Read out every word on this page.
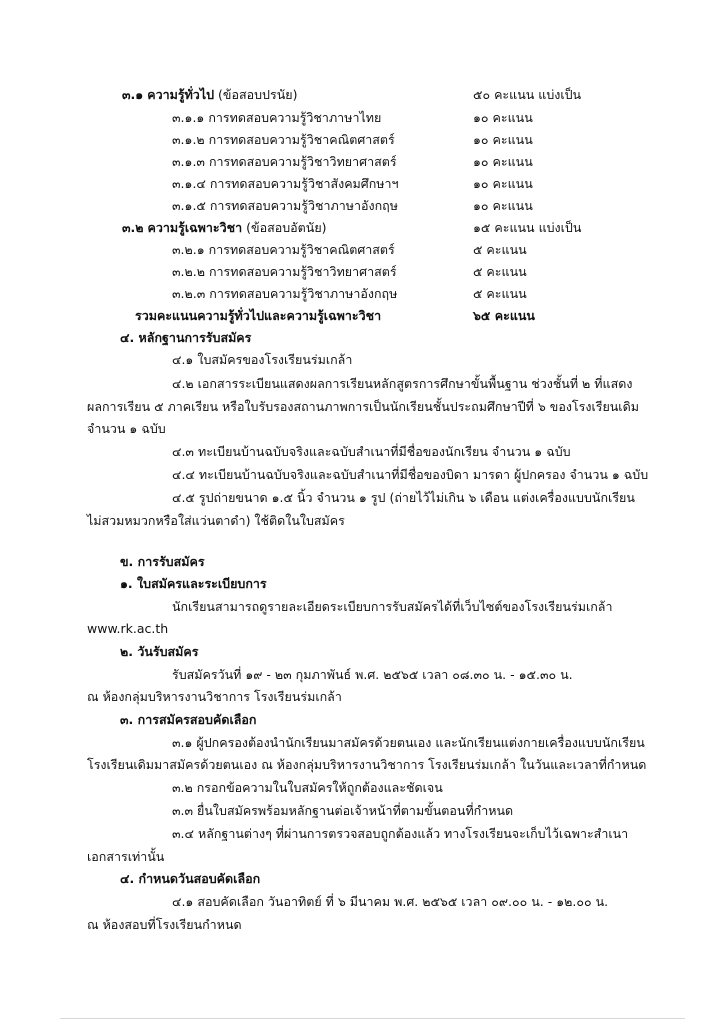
๓.๑ ความรู้ทั่วไป (ข้อสอบปรนัย)	๕๐ คะแนน แบ่งเป็น
๓.๑.๑ การทดสอบความรู้วิชาภาษาไทย	๑๐ คะแนน
๓.๑.๒ การทดสอบความรู้วิชาคณิตศาสตร์	๑๐ คะแนน
๓.๑.๓ การทดสอบความรู้วิชาวิทยาศาสตร์	๑๐ คะแนน
๓.๑.๔ การทดสอบความรู้วิชาสังคมศึกษาฯ	๑๐ คะแนน
๓.๑.๕ การทดสอบความรู้วิชาภาษาอังกฤษ	๑๐ คะแนน
๓.๒ ความรู้เฉพาะวิชา (ข้อสอบอัตนัย)	๑๕ คะแนน แบ่งเป็น
๓.๒.๑ การทดสอบความรู้วิชาคณิตศาสตร์	๕ คะแนน
๓.๒.๒ การทดสอบความรู้วิชาวิทยาศาสตร์	๕ คะแนน
๓.๒.๓ การทดสอบความรู้วิชาภาษาอังกฤษ	๕ คะแนน
รวมคะแนนความรู้ทั่วไปและความรู้เฉพาะวิชา	๖๕ คะแนน
๔. หลักฐานการรับสมัคร
๔.๑ ใบสมัครของโรงเรียนร่มเกล้า
๔.๒ เอกสารระเบียนแสดงผลการเรียนหลักสูตรการศึกษาขั้นพื้นฐาน ช่วงชั้นที่ ๒ ที่แสดง
ผลการเรียน ๕ ภาคเรียน หรือใบรับรองสถานภาพการเป็นนักเรียนชั้นประถมศึกษาปีที่ ๖ ของโรงเรียนเดิม
จำนวน ๑ ฉบับ
๔.๓ ทะเบียนบ้านฉบับจริงและฉบับสำเนาที่มีชื่อของนักเรียน จำนวน ๑ ฉบับ
๔.๔ ทะเบียนบ้านฉบับจริงและฉบับสำเนาที่มีชื่อของบิดา มารดา ผู้ปกครอง จำนวน ๑ ฉบับ
๔.๕ รูปถ่ายขนาด ๑.๕ นิ้ว จำนวน ๑ รูป (ถ่ายไว้ไม่เกิน ๖ เดือน แต่งเครื่องแบบนักเรียน
ไม่สวมหมวกหรือใส่แว่นตาดำ) ใช้ติดในใบสมัคร
ข. การรับสมัคร
๑. ใบสมัครและระเบียบการ
นักเรียนสามารถดูรายละเอียดระเบียบการรับสมัครได้ที่เว็บไซต์ของโรงเรียนร่มเกล้า
www.rk.ac.th
๒. วันรับสมัคร
รับสมัครวันที่ ๑๙ - ๒๓ กุมภาพันธ์ พ.ศ. ๒๕๖๕ เวลา ๐๘.๓๐ น. - ๑๕.๓๐ น.
ณ ห้องกลุ่มบริหารงานวิชาการ โรงเรียนร่มเกล้า
๓. การสมัครสอบคัดเลือก
๓.๑ ผู้ปกครองต้องนำนักเรียนมาสมัครด้วยตนเอง และนักเรียนแต่งกายเครื่องแบบนักเรียน
โรงเรียนเดิมมาสมัครด้วยตนเอง ณ ห้องกลุ่มบริหารงานวิชาการ โรงเรียนร่มเกล้า ในวันและเวลาที่กำหนด
๓.๒ กรอกข้อความในใบสมัครให้ถูกต้องและชัดเจน
๓.๓ ยื่นใบสมัครพร้อมหลักฐานต่อเจ้าหน้าที่ตามขั้นตอนที่กำหนด
๓.๔ หลักฐานต่างๆ ที่ผ่านการตรวจสอบถูกต้องแล้ว ทางโรงเรียนจะเก็บไว้เฉพาะสำเนา
เอกสารเท่านั้น
๔. กำหนดวันสอบคัดเลือก
๔.๑ สอบคัดเลือก วันอาทิตย์ ที่ ๖ มีนาคม พ.ศ. ๒๕๖๕ เวลา ๐๙.๐๐ น. - ๑๒.๐๐ น.
ณ ห้องสอบที่โรงเรียนกำหนด
